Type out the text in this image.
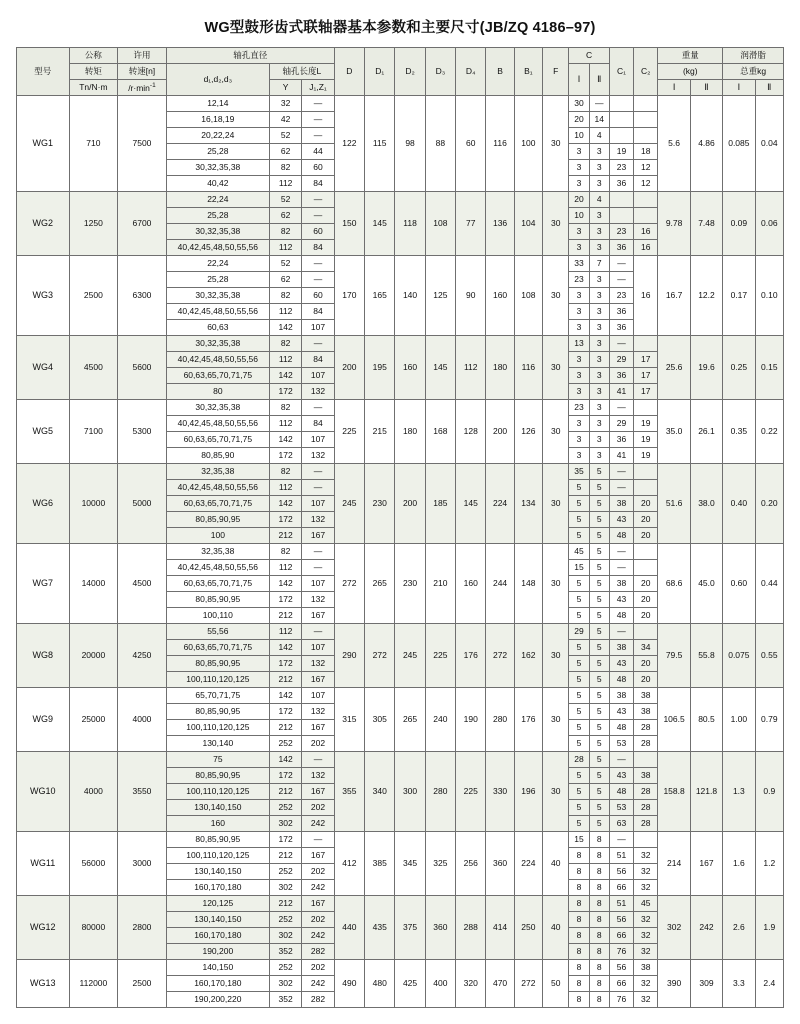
WG型鼓形齿式联轴器基本参数和主要尺寸(JB/ZQ 4186–97)
型号	公称	许用	轴孔直径			D	D₁	D₂	D₃	D₄	B	B₁	F	C		C₁	C₂	重量		润滑脂	
	转矩	转速[n]	d₁,d₂,d₃	轴孔长度L										Ⅰ	Ⅱ			(kg)		总重kg	
	Tn/N·m	$/r\cdot\min^{-1}$		Y	J₁,Z₁													Ⅰ	Ⅱ	Ⅰ	Ⅱ
WG1	710	7500	12,14	32	—	122	115	98	88	60	116	100	30	30	—			5.6	4.86	0.085	0.04
			16,18,19	42	—									20	14						
			20,22,24	52	—									10	4						
			25,28	62	44									3	3	19	18				
			30,32,35,38	82	60									3	3	23	12				
			40,42	112	84									3	3	36	12				
WG2	1250	6700	22,24	52	—	150	145	118	108	77	136	104	30	20	4			9.78	7.48	0.09	0.06
			25,28	62	—									10	3						
			30,32,35,38	82	60									3	3	23	16				
			40,42,45,48,50,55,56	112	84									3	3	36	16				
WG3	2500	6300	22,24	52	—	170	165	140	125	90	160	108	30	33	7	—	16	16.7	12.2	0.17	0.10
			25,28	62	—									23	3	—					
			30,32,35,38	82	60									3	3	23					
			40,42,45,48,50,55,56	112	84									3	3	36					
			60,63	142	107									3	3	36					
WG4	4500	5600	30,32,35,38	82	—	200	195	160	145	112	180	116	30	13	3	—		25.6	19.6	0.25	0.15
			40,42,45,48,50,55,56	112	84									3	3	29	17				
			60,63,65,70,71,75	142	107									3	3	36	17				
			80	172	132									3	3	41	17				
WG5	7100	5300	30,32,35,38	82	—	225	215	180	168	128	200	126	30	23	3	—		35.0	26.1	0.35	0.22
			40,42,45,48,50,55,56	112	84									3	3	29	19				
			60,63,65,70,71,75	142	107									3	3	36	19				
			80,85,90	172	132									3	3	41	19				
WG6	10000	5000	32,35,38	82	—	245	230	200	185	145	224	134	30	35	5	—		51.6	38.0	0.40	0.20
			40,42,45,48,50,55,56	112	—									5	5	—					
			60,63,65,70,71,75	142	107									5	5	38	20				
			80,85,90,95	172	132									5	5	43	20				
			100	212	167									5	5	48	20				
WG7	14000	4500	32,35,38	82	—	272	265	230	210	160	244	148	30	45	5	—		68.6	45.0	0.60	0.44
			40,42,45,48,50,55,56	112	—									15	5	—					
			60,63,65,70,71,75	142	107									5	5	38	20				
			80,85,90,95	172	132									5	5	43	20				
			100,110	212	167									5	5	48	20				
WG8	20000	4250	55,56	112	—	290	272	245	225	176	272	162	30	29	5	—		79.5	55.8	0.075	0.55
			60,63,65,70,71,75	142	107									5	5	38	34				
			80,85,90,95	172	132									5	5	43	20				
			100,110,120,125	212	167									5	5	48	20				
WG9	25000	4000	65,70,71,75	142	107	315	305	265	240	190	280	176	30	5	5	38	38	106.5	80.5	1.00	0.79
			80,85,90,95	172	132									5	5	43	38				
			100,110,120,125	212	167									5	5	48	28				
			130,140	252	202									5	5	53	28				
WG10	4000	3550	75	142	—	355	340	300	280	225	330	196	30	28	5	—		158.8	121.8	1.3	0.9
			80,85,90,95	172	132									5	5	43	38				
			100,110,120,125	212	167									5	5	48	28				
			130,140,150	252	202									5	5	53	28				
			160	302	242									5	5	63	28				
WG11	56000	3000	80,85,90,95	172	—	412	385	345	325	256	360	224	40	15	8	—		214	167	1.6	1.2
			100,110,120,125	212	167									8	8	51	32				
			130,140,150	252	202									8	8	56	32				
			160,170,180	302	242									8	8	66	32				
WG12	80000	2800	120,125	212	167	440	435	375	360	288	414	250	40	8	8	51	45	302	242	2.6	1.9
			130,140,150	252	202									8	8	56	32				
			160,170,180	302	242									8	8	66	32				
			190,200	352	282									8	8	76	32				
WG13	112000	2500	140,150	252	202	490	480	425	400	320	470	272	50	8	8	56	38	390	309	3.3	2.4
			160,170,180	302	242									8	8	66	32				
			190,200,220	352	282									8	8	76	32				
